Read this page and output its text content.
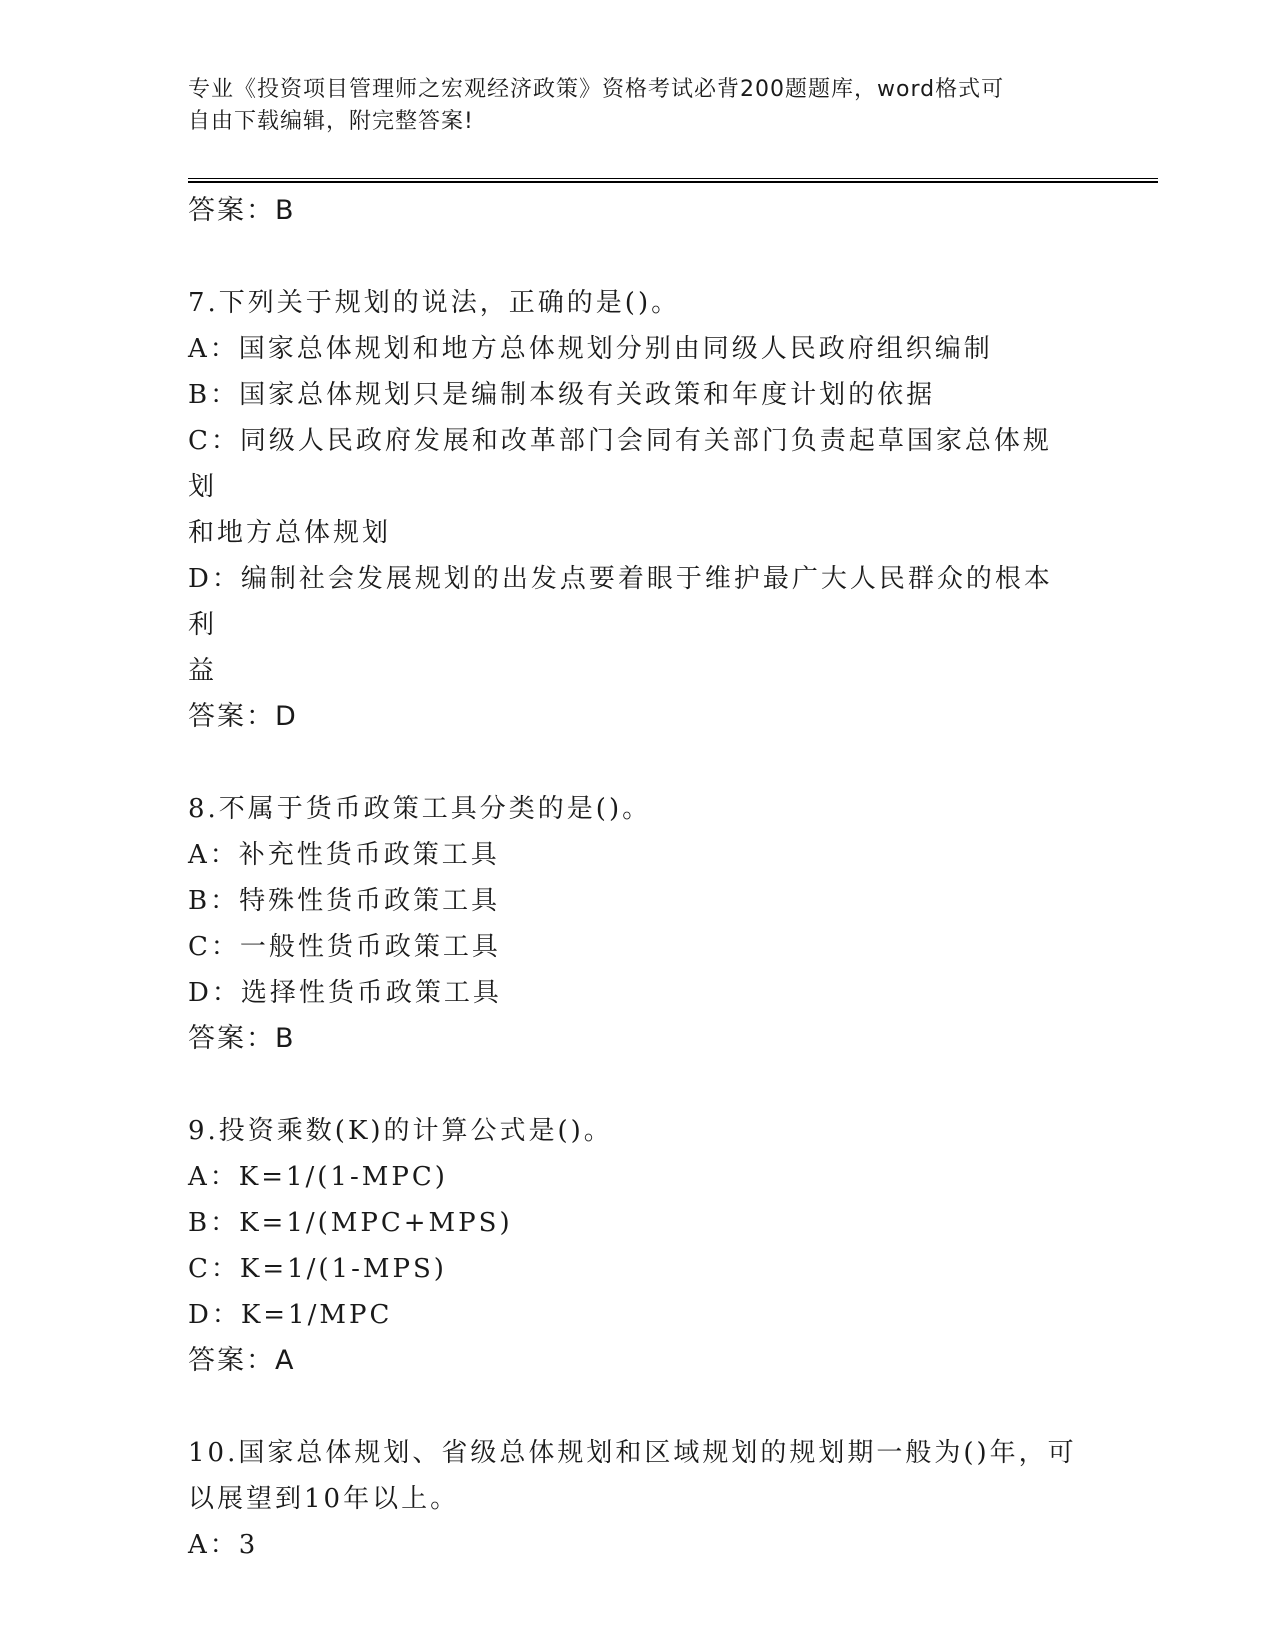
专业《投资项目管理师之宏观经济政策》资格考试必背200题题库，word格式可
自由下载编辑，附完整答案!
答案：B
7.下列关于规划的说法，正确的是()。
A：国家总体规划和地方总体规划分别由同级人民政府组织编制
B：国家总体规划只是编制本级有关政策和年度计划的依据
C：同级人民政府发展和改革部门会同有关部门负责起草国家总体规划
和地方总体规划
D：编制社会发展规划的出发点要着眼于维护最广大人民群众的根本利
益
答案：D
8.不属于货币政策工具分类的是()。
A：补充性货币政策工具
B：特殊性货币政策工具
C：一般性货币政策工具
D：选择性货币政策工具
答案：B
9.投资乘数(K)的计算公式是()。
A：K=1/(1-MPC)
B：K=1/(MPC+MPS)
C：K=1/(1-MPS)
D：K=1/MPC
答案：A
10.国家总体规划、省级总体规划和区域规划的规划期一般为()年，可
以展望到10年以上。
A：3
